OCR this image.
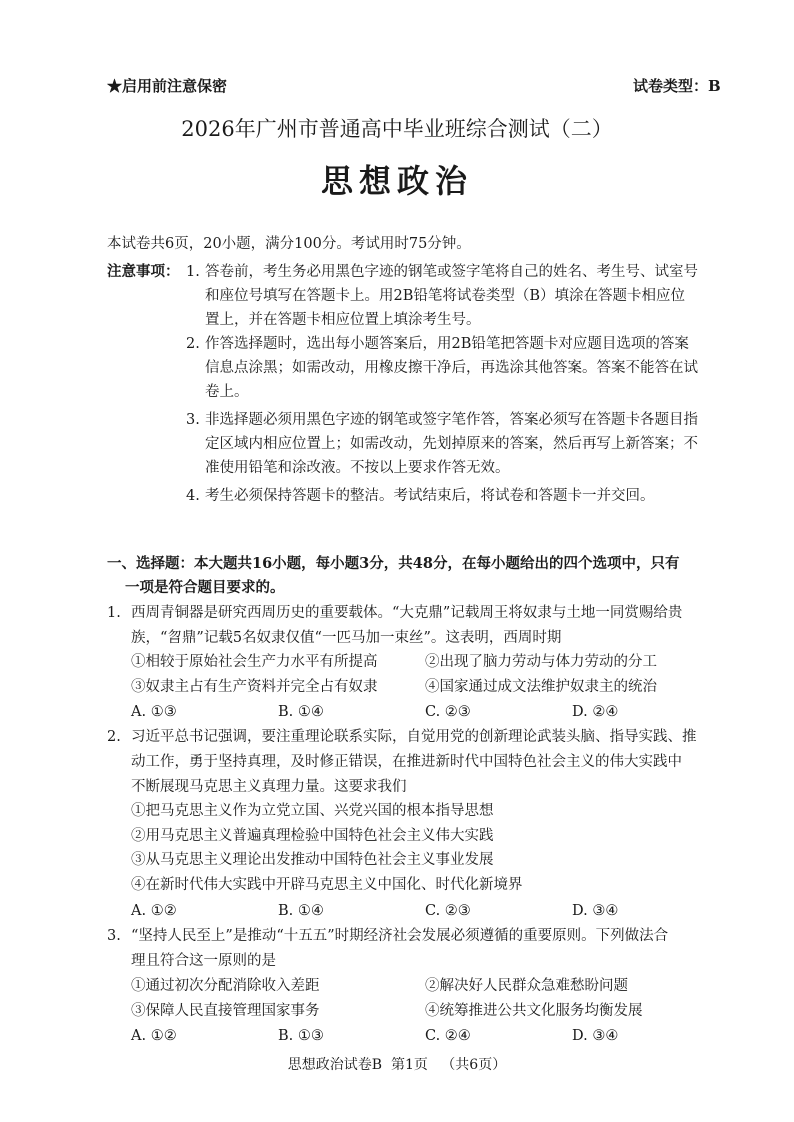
★启用前注意保密	试卷类型：B
2026年广州市普通高中毕业班综合测试（二）
思想政治
本试卷共6页，20小题，满分100分。考试用时75分钟。
注意事项： 1. 答卷前，考生务必用黑色字迹的钢笔或签字笔将自己的姓名、考生号、试室号
和座位号填写在答题卡上。用2B铅笔将试卷类型（B）填涂在答题卡相应位
置上，并在答题卡相应位置上填涂考生号。
2. 作答选择题时，选出每小题答案后，用2B铅笔把答题卡对应题目选项的答案
信息点涂黑；如需改动，用橡皮擦干净后，再选涂其他答案。答案不能答在试
卷上。
3. 非选择题必须用黑色字迹的钢笔或签字笔作答，答案必须写在答题卡各题目指
定区域内相应位置上；如需改动，先划掉原来的答案，然后再写上新答案；不
准使用铅笔和涂改液。不按以上要求作答无效。
4. 考生必须保持答题卡的整洁。考试结束后，将试卷和答题卡一并交回。
一、选择题：本大题共16小题，每小题3分，共48分，在每小题给出的四个选项中，只有
一项是符合题目要求的。
1. 西周青铜器是研究西周历史的重要载体。“大克鼎”记载周王将奴隶与土地一同赏赐给贵
族，“曶鼎”记载5名奴隶仅值“一匹马加一束丝”。这表明，西周时期
①相较于原始社会生产力水平有所提高	②出现了脑力劳动与体力劳动的分工
③奴隶主占有生产资料并完全占有奴隶	④国家通过成文法维护奴隶主的统治
A. ①③	B. ①④	C. ②③	D. ②④
2. 习近平总书记强调，要注重理论联系实际，自觉用党的创新理论武装头脑、指导实践、推
动工作，勇于坚持真理，及时修正错误，在推进新时代中国特色社会主义的伟大实践中
不断展现马克思主义真理力量。这要求我们
①把马克思主义作为立党立国、兴党兴国的根本指导思想
②用马克思主义普遍真理检验中国特色社会主义伟大实践
③从马克思主义理论出发推动中国特色社会主义事业发展
④在新时代伟大实践中开辟马克思主义中国化、时代化新境界
A. ①②	B. ①④	C. ②③	D. ③④
3. “坚持人民至上”是推动“十五五”时期经济社会发展必须遵循的重要原则。下列做法合
理且符合这一原则的是
①通过初次分配消除收入差距	②解决好人民群众急难愁盼问题
③保障人民直接管理国家事务	④统筹推进公共文化服务均衡发展
A. ①②	B. ①③	C. ②④	D. ③④
思想政治试卷B 第1页 （共6页）
